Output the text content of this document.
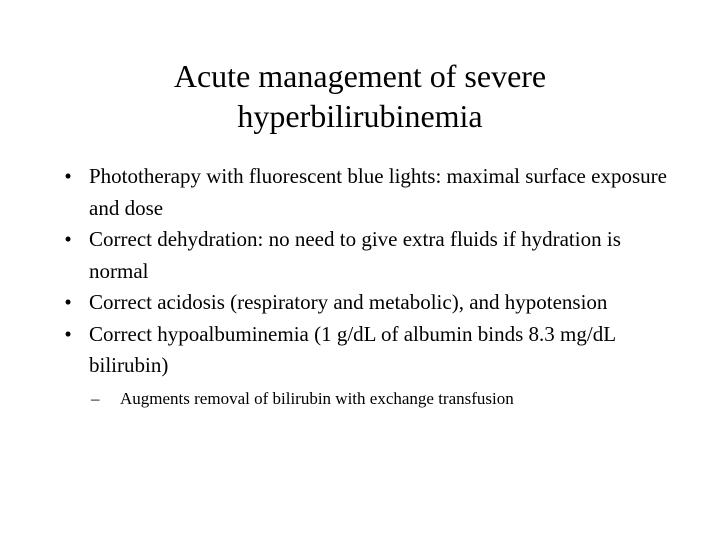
Acute management of severe
hyperbilirubinemia
• Phototherapy with fluorescent blue lights: maximal surface exposure and dose
• Correct dehydration: no need to give extra fluids if hydration is normal
• Correct acidosis (respiratory and metabolic), and hypotension
• Correct hypoalbuminemia (1 g/dL of albumin binds 8.3 mg/dL bilirubin)
– Augments removal of bilirubin with exchange transfusion
